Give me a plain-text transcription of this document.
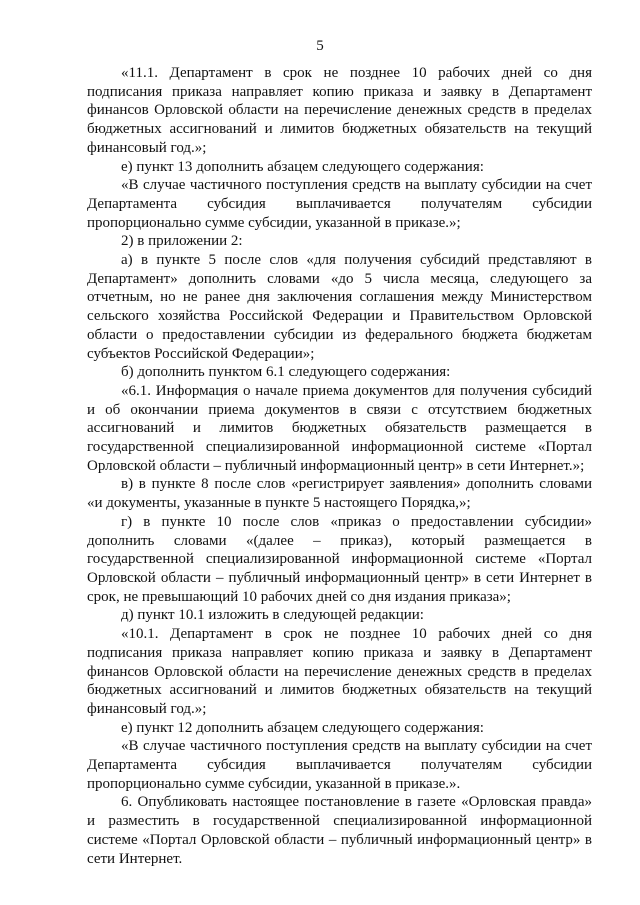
5

«11.1. Департамент в срок не позднее 10 рабочих дней со дня подписания приказа направляет копию приказа и заявку в Департамент финансов Орловской области на перечисление денежных средств в пределах бюджетных ассигнований и лимитов бюджетных обязательств на текущий финансовый год.»;

е) пункт 13 дополнить абзацем следующего содержания:

«В случае частичного поступления средств на выплату субсидии на счет Департамента субсидия выплачивается получателям субсидии пропорционально сумме субсидии, указанной в приказе.»;

2) в приложении 2:

а) в пункте 5 после слов «для получения субсидий представляют в Департамент» дополнить словами «до 5 числа месяца, следующего за отчетным, но не ранее дня заключения соглашения между Министерством сельского хозяйства Российской Федерации и Правительством Орловской области о предоставлении субсидии из федерального бюджета бюджетам субъектов Российской Федерации»;

б) дополнить пунктом 6.1 следующего содержания:

«6.1. Информация о начале приема документов для получения субсидий и об окончании приема документов в связи с отсутствием бюджетных ассигнований и лимитов бюджетных обязательств размещается в государственной специализированной информационной системе «Портал Орловской области – публичный информационный центр» в сети Интернет.»;

в) в пункте 8 после слов «регистрирует заявления» дополнить словами «и документы, указанные в пункте 5 настоящего Порядка,»;

г) в пункте 10 после слов «приказ о предоставлении субсидии» дополнить словами «(далее – приказ), который размещается в государственной специализированной информационной системе «Портал Орловской области – публичный информационный центр» в сети Интернет в срок, не превышающий 10 рабочих дней со дня издания приказа»;

д) пункт 10.1 изложить в следующей редакции:

«10.1. Департамент в срок не позднее 10 рабочих дней со дня подписания приказа направляет копию приказа и заявку в Департамент финансов Орловской области на перечисление денежных средств в пределах бюджетных ассигнований и лимитов бюджетных обязательств на текущий финансовый год.»;

е) пункт 12 дополнить абзацем следующего содержания:

«В случае частичного поступления средств на выплату субсидии на счет Департамента субсидия выплачивается получателям субсидии пропорционально сумме субсидии, указанной в приказе.».

6. Опубликовать настоящее постановление в газете «Орловская правда» и разместить в государственной специализированной информационной системе «Портал Орловской области – публичный информационный центр» в сети Интернет.
